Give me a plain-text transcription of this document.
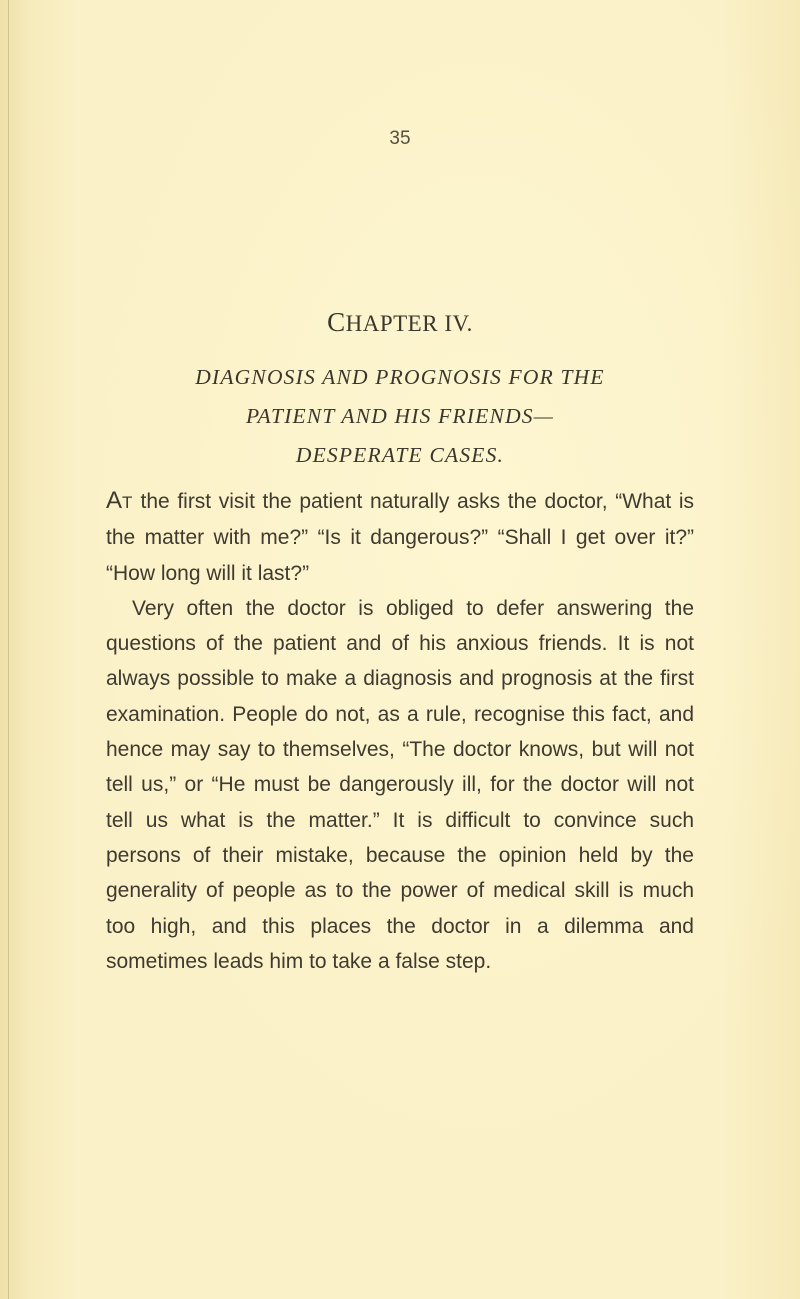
35
CHAPTER IV.
DIAGNOSIS AND PROGNOSIS FOR THE
PATIENT AND HIS FRIENDS—
DESPERATE CASES.

AT the first visit the patient naturally asks the doctor, “What is the matter with me?” “Is it dangerous?” “Shall I get over it?” “How long will it last?”

Very often the doctor is obliged to defer answering the questions of the patient and of his anxious friends. It is not always possible to make a diagnosis and prognosis at the first examination. People do not, as a rule, recognise this fact, and hence may say to themselves, “The doctor knows, but will not tell us,” or “He must be dangerously ill, for the doctor will not tell us what is the matter.” It is difficult to convince such persons of their mistake, because the opinion held by the generality of people as to the power of medical skill is much too high, and this places the doctor in a dilemma and sometimes leads him to take a false step.
